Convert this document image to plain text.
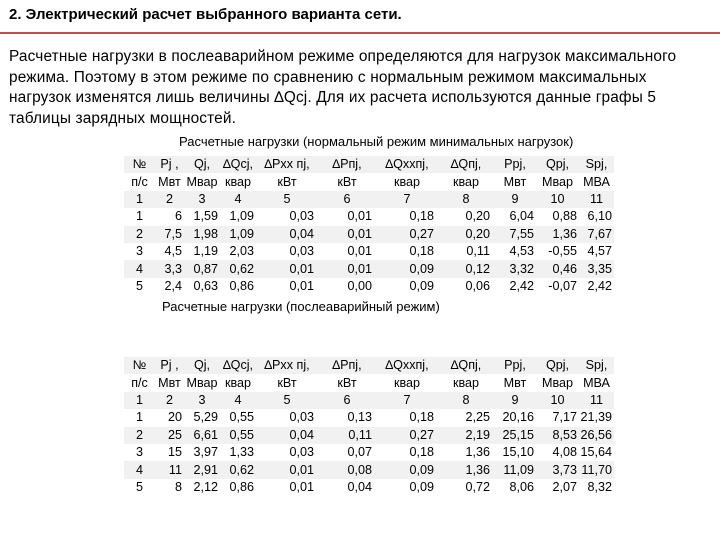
2. Электрический расчет выбранного варианта сети.
Расчетные нагрузки в послеаварийном режиме определяются для нагрузок максимального режима. Поэтому в этом режиме по сравнению с нормальным режимом максимальных нагрузок изменятся лишь величины ∆Qcj. Для их расчета используются данные графы 5 таблицы зарядных мощностей.
Расчетные нагрузки (нормальный режим минимальных нагрузок)
№	Pj ,	Qj,	∆Qcj,	∆Pхх пj,	∆Pпj,	∆Qххпj,	∆Qпj,	Ppj,	Qpj,	Spj,
п/с	Мвт	Мвар	квар	кВт	кВт	квар	квар	Мвт	Мвар	МВА
1	2	3	4	5	6	7	8	9	10	11
1	6	1,59	1,09	0,03	0,01	0,18	0,20	6,04	0,88	6,10
2	7,5	1,98	1,09	0,04	0,01	0,27	0,20	7,55	1,36	7,67
3	4,5	1,19	2,03	0,03	0,01	0,18	0,11	4,53	-0,55	4,57
4	3,3	0,87	0,62	0,01	0,01	0,09	0,12	3,32	0,46	3,35
5	2,4	0,63	0,86	0,01	0,00	0,09	0,06	2,42	-0,07	2,42
Расчетные нагрузки (послеаварийный режим)
№	Pj ,	Qj,	∆Qcj,	∆Pхх пj,	∆Pпj,	∆Qххпj,	∆Qпj,	Ppj,	Qpj,	Spj,
п/с	Мвт	Мвар	квар	кВт	кВт	квар	квар	Мвт	Мвар	МВА
1	2	3	4	5	6	7	8	9	10	11
1	20	5,29	0,55	0,03	0,13	0,18	2,25	20,16	7,17	21,39
2	25	6,61	0,55	0,04	0,11	0,27	2,19	25,15	8,53	26,56
3	15	3,97	1,33	0,03	0,07	0,18	1,36	15,10	4,08	15,64
4	11	2,91	0,62	0,01	0,08	0,09	1,36	11,09	3,73	11,70
5	8	2,12	0,86	0,01	0,04	0,09	0,72	8,06	2,07	8,32
